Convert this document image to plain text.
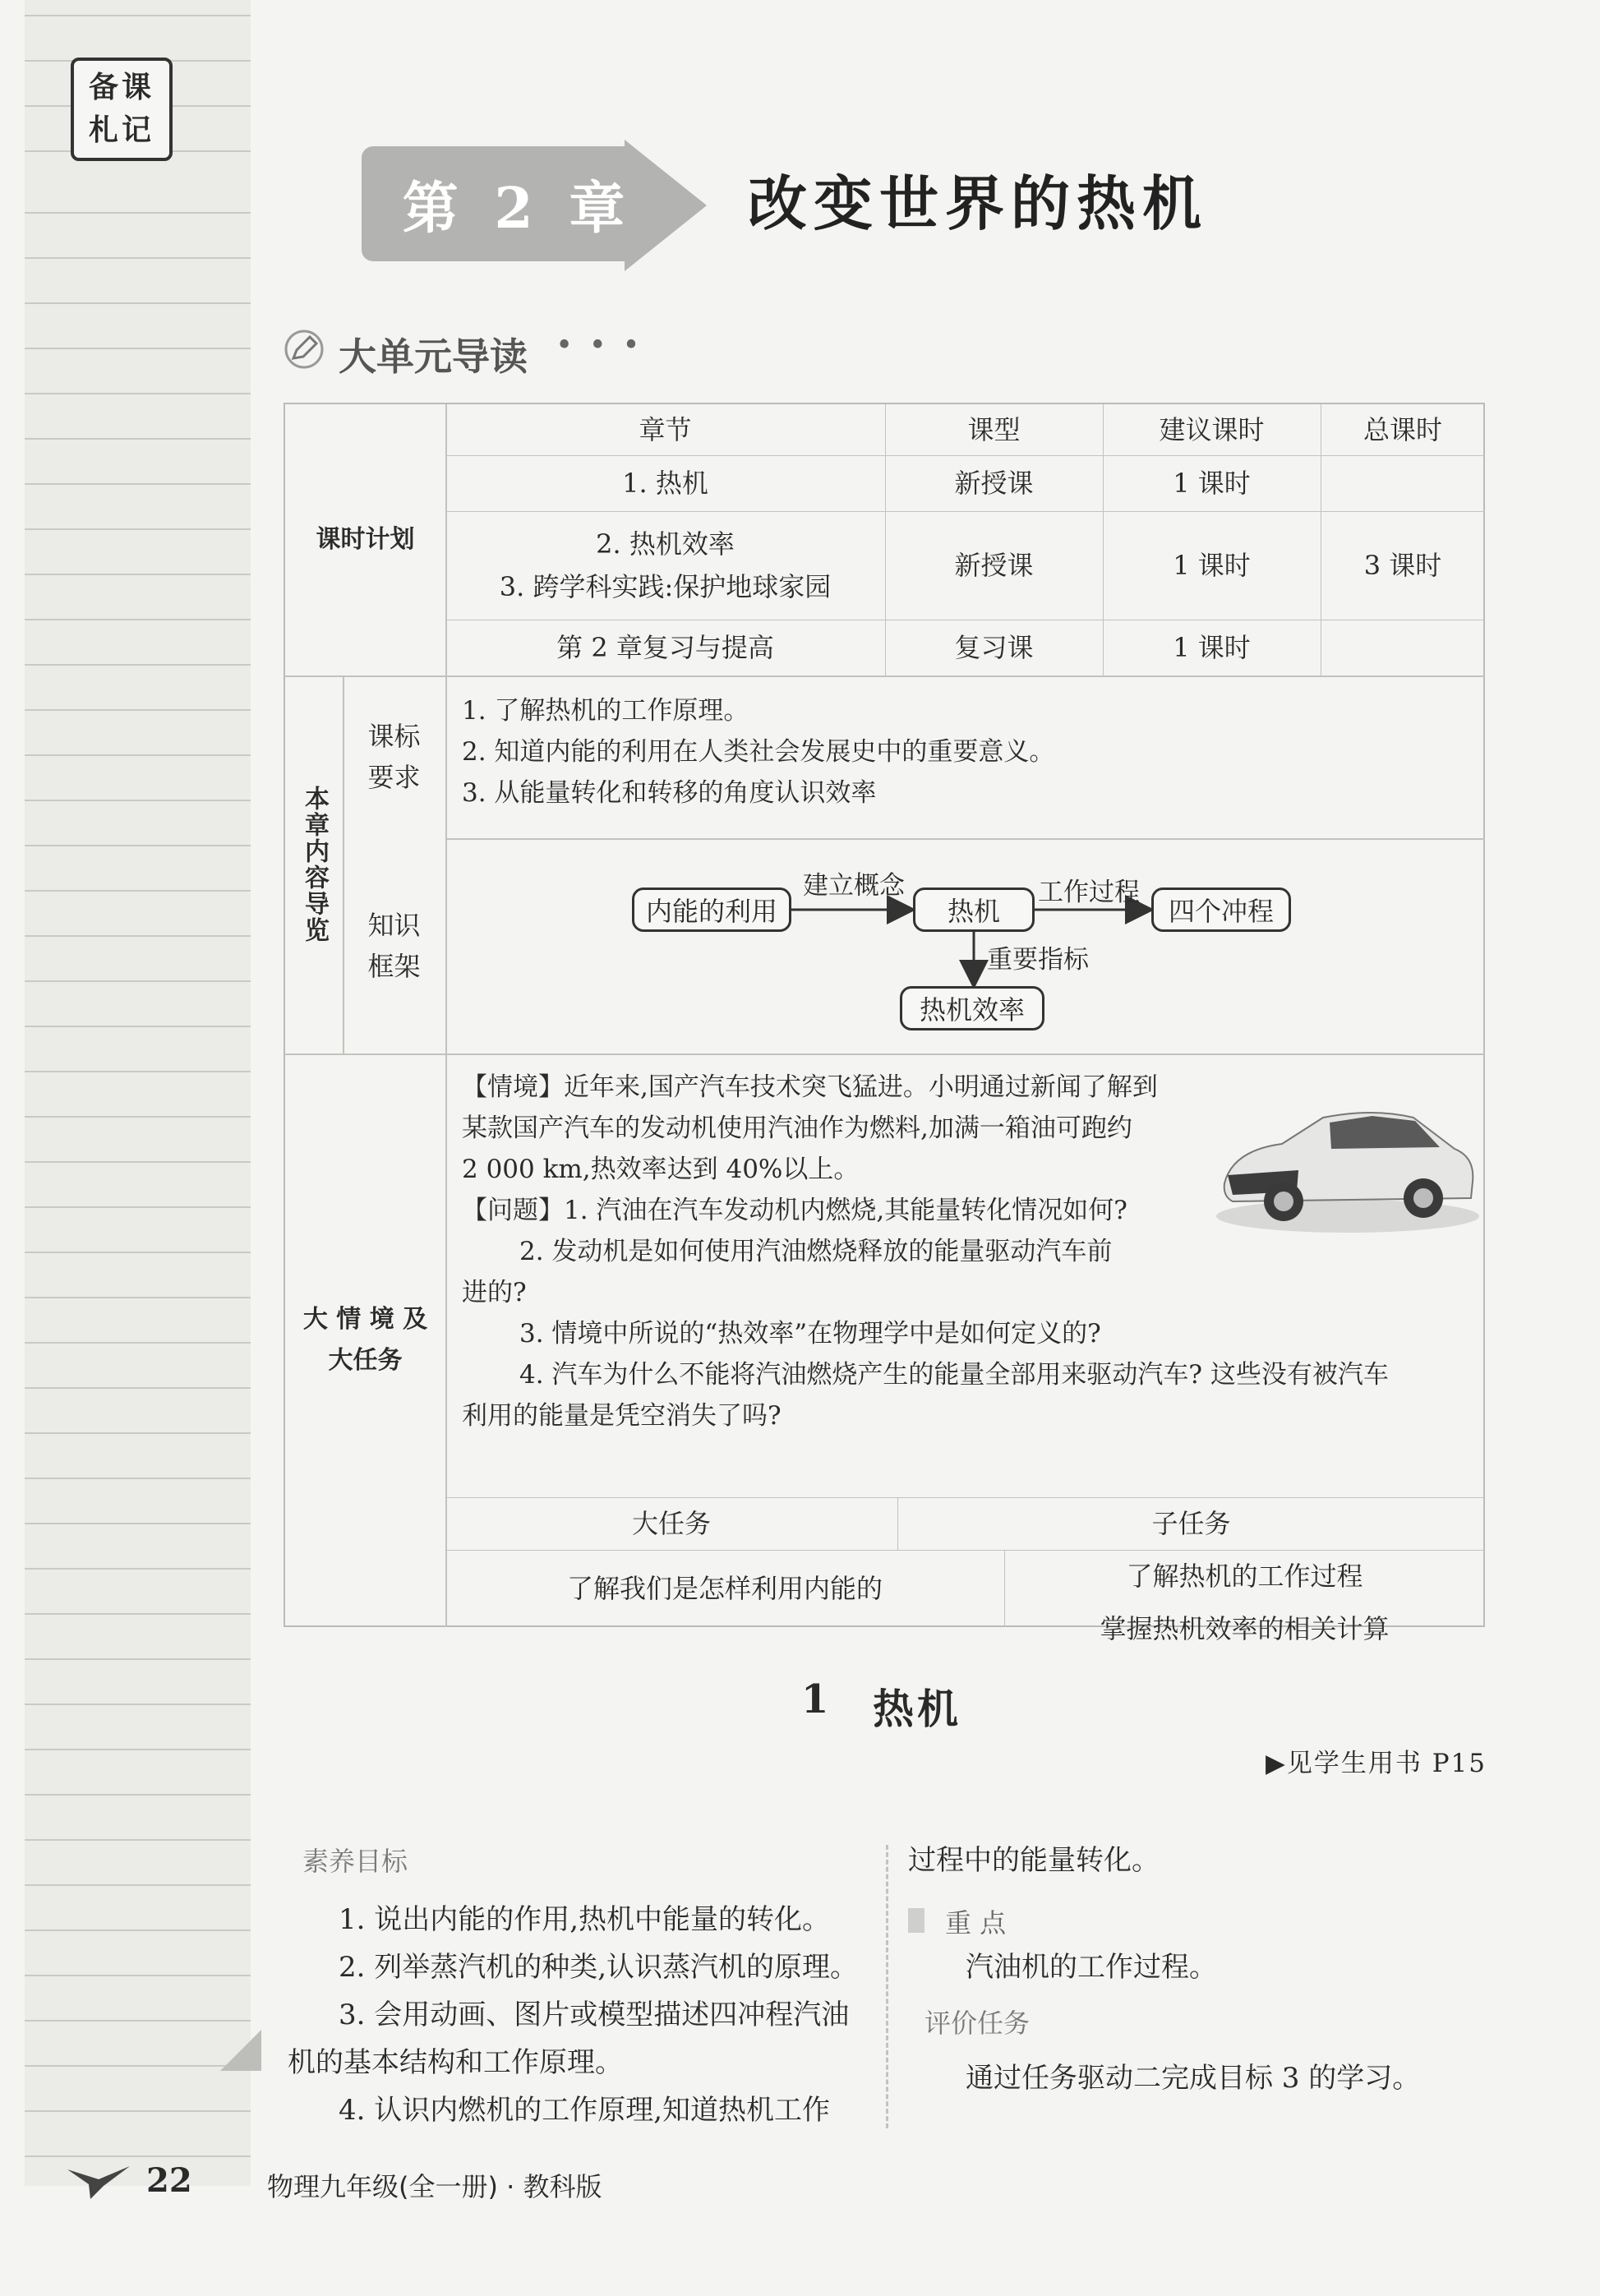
备课
札记
第 2 章	改变世界的热机
大单元导读 • • •
课时计划
章节	课型	建议课时	总课时
1. 热机	新授课	1 课时
2. 热机效率
3. 跨学科实践:保护地球家园
新授课	1 课时	3 课时
第 2 章复习与提高	复习课	1 课时
本章内容导览
课标
要求
1. 了解热机的工作原理。
2. 知道内能的利用在人类社会发展史中的重要意义。
3. 从能量转化和转移的角度认识效率
知识
框架
内能的利用	热机	四个冲程
热机效率
建立概念	工作过程
重要指标
大 情 境 及
大任务
【情境】近年来,国产汽车技术突飞猛进。小明通过新闻了解到
某款国产汽车的发动机使用汽油作为燃料,加满一箱油可跑约
2 000 km,热效率达到 40%以上。
【问题】1. 汽油在汽车发动机内燃烧,其能量转化情况如何?
2. 发动机是如何使用汽油燃烧释放的能量驱动汽车前
进的?
3. 情境中所说的“热效率”在物理学中是如何定义的?
4. 汽车为什么不能将汽油燃烧产生的能量全部用来驱动汽车? 这些没有被汽车
利用的能量是凭空消失了吗?
大任务	子任务
了解我们是怎样利用内能的	了解热机的工作过程
掌握热机效率的相关计算
1 热机
▶见学生用书 P15
素养目标
1. 说出内能的作用,热机中能量的转化。
2. 列举蒸汽机的种类,认识蒸汽机的原理。
3. 会用动画、图片或模型描述四冲程汽油
机的基本结构和工作原理。
4. 认识内燃机的工作原理,知道热机工作
过程中的能量转化。
重 点
汽油机的工作过程。
评价任务
通过任务驱动二完成目标 3 的学习。
22	物理九年级(全一册) · 教科版
